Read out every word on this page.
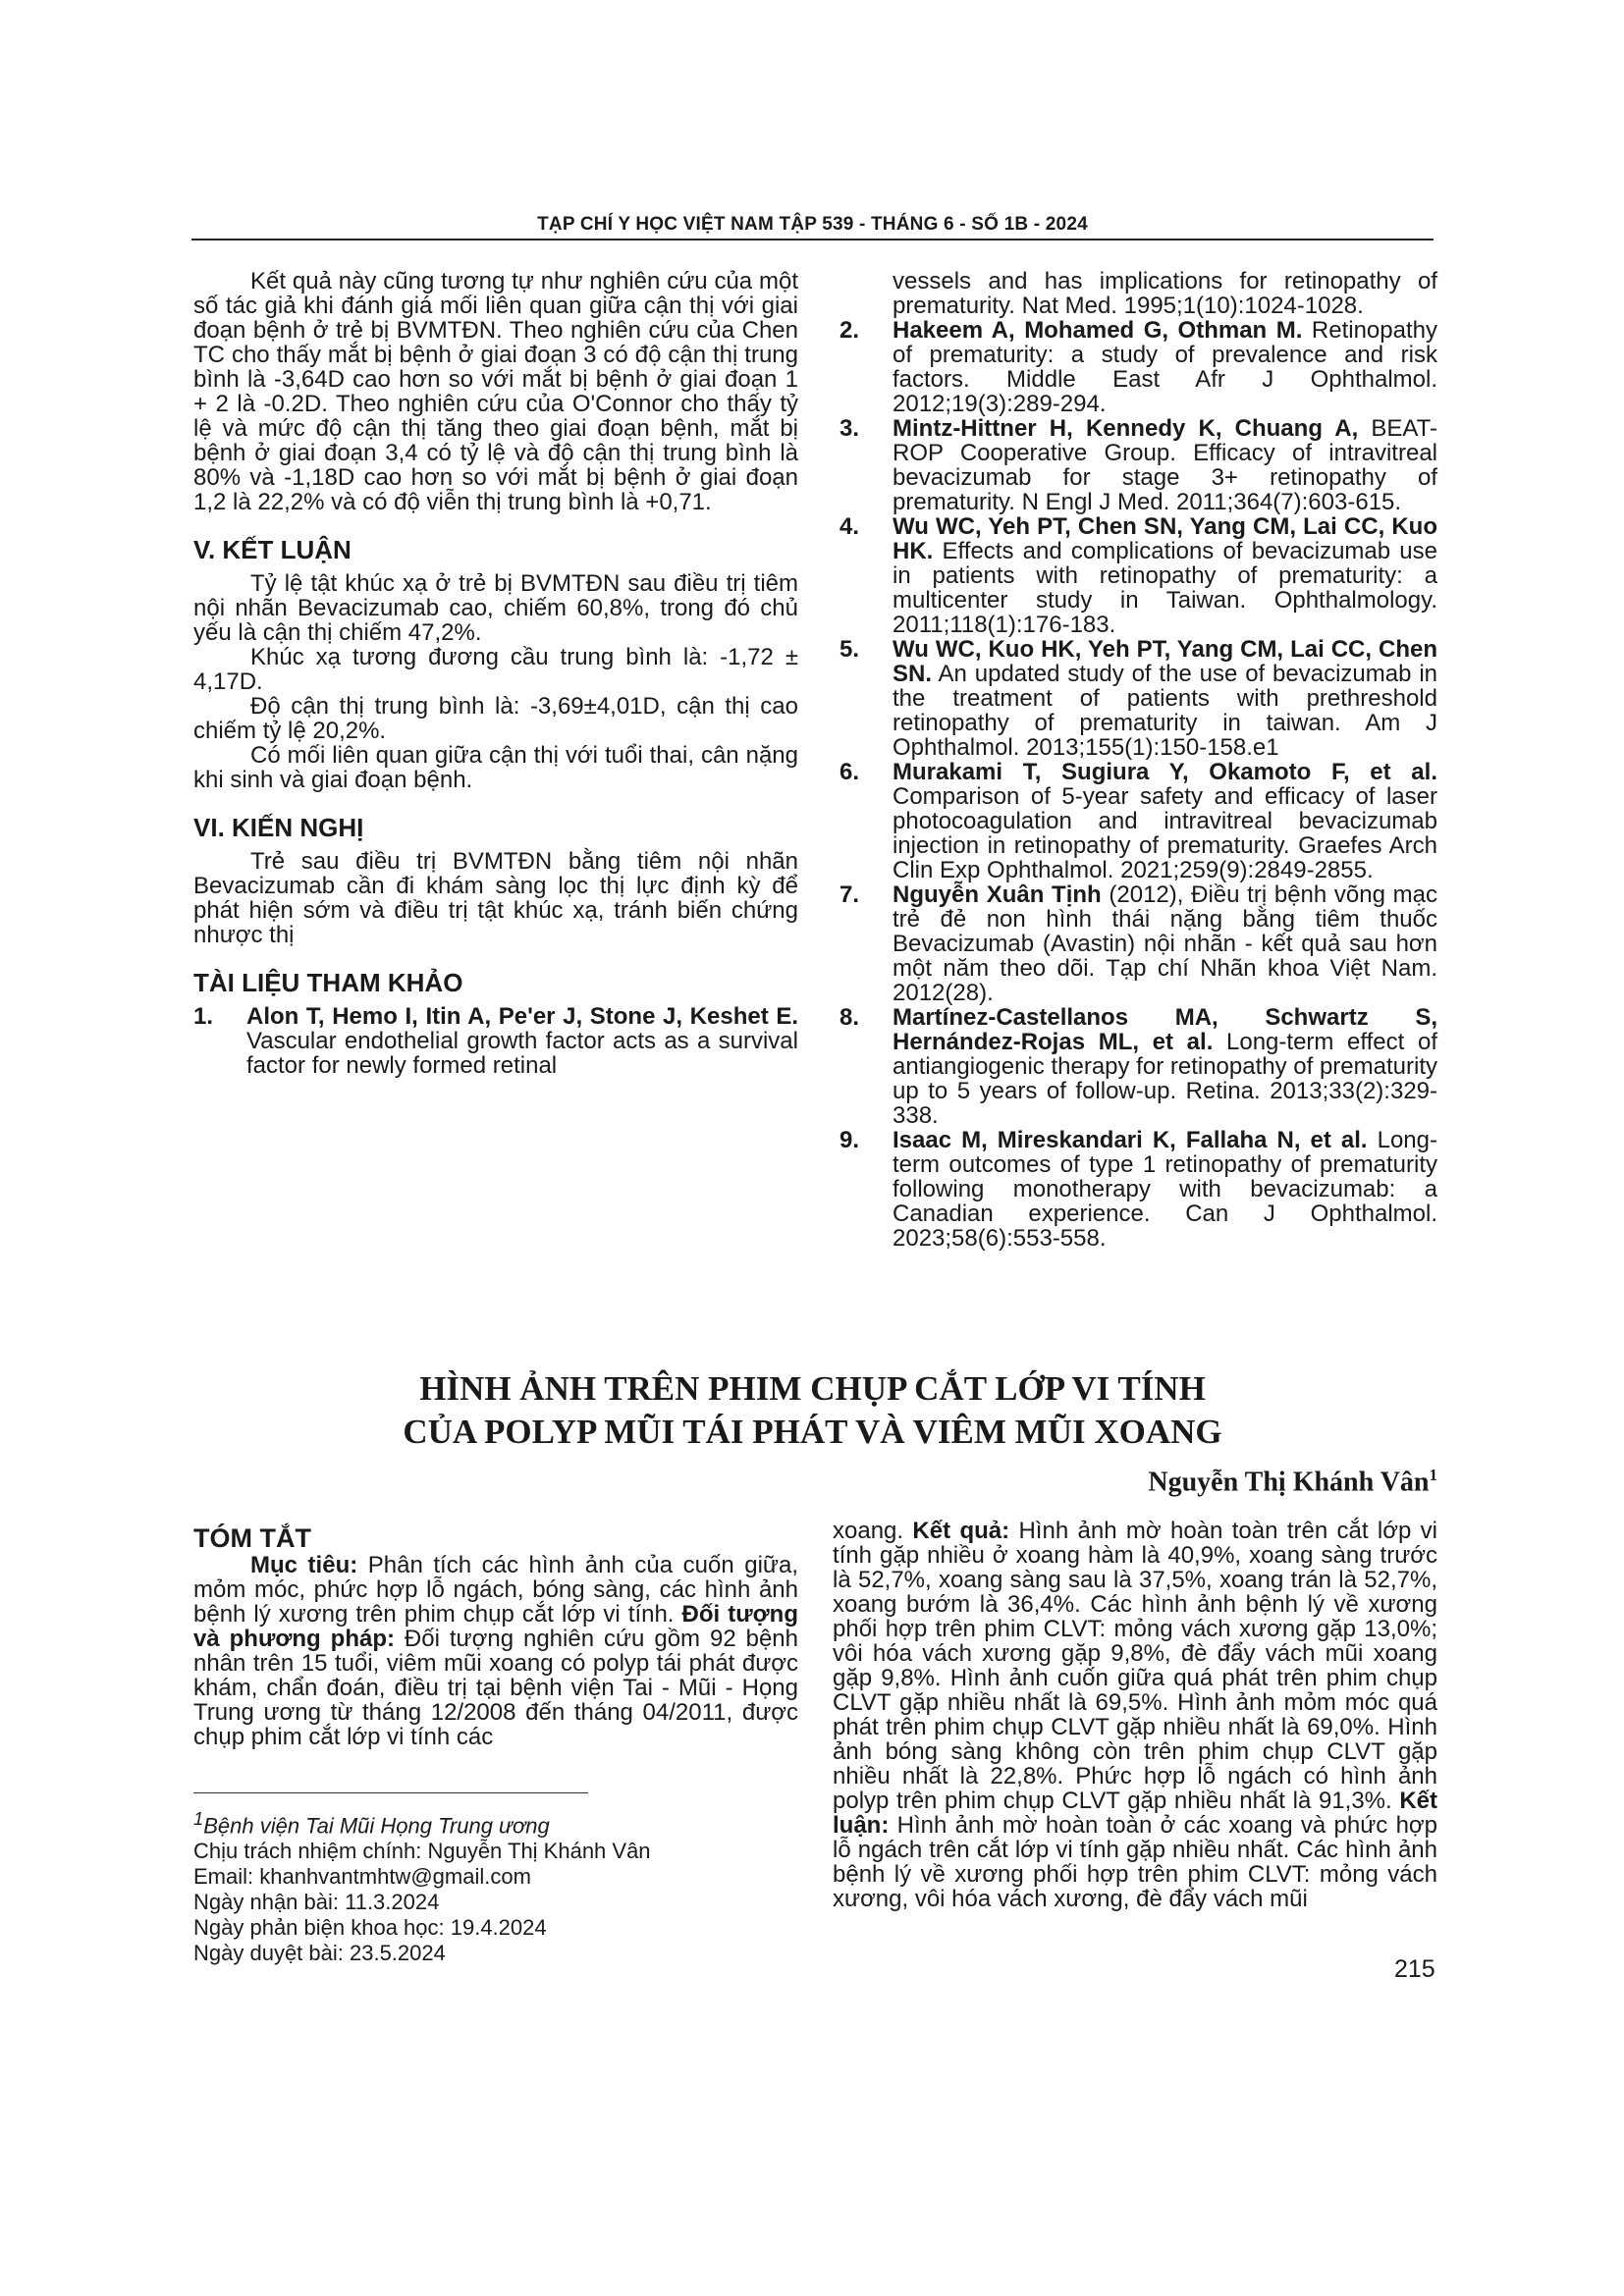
TẠP CHÍ Y HỌC VIỆT NAM TẬP 539 - THÁNG 6 - SỐ 1B - 2024

Kết quả này cũng tương tự như nghiên cứu của một số tác giả khi đánh giá mối liên quan giữa cận thị với giai đoạn bệnh ở trẻ bị BVMTĐN. Theo nghiên cứu của Chen TC cho thấy mắt bị bệnh ở giai đoạn 3 có độ cận thị trung bình là -3,64D cao hơn so với mắt bị bệnh ở giai đoạn 1 + 2 là -0.2D. Theo nghiên cứu của O'Connor cho thấy tỷ lệ và mức độ cận thị tăng theo giai đoạn bệnh, mắt bị bệnh ở giai đoạn 3,4 có tỷ lệ và độ cận thị trung bình là 80% và -1,18D cao hơn so với mắt bị bệnh ở giai đoạn 1,2 là 22,2% và có độ viễn thị trung bình là +0,71.

V. KẾT LUẬN

Tỷ lệ tật khúc xạ ở trẻ bị BVMTĐN sau điều trị tiêm nội nhãn Bevacizumab cao, chiếm 60,8%, trong đó chủ yếu là cận thị chiếm 47,2%.

Khúc xạ tương đương cầu trung bình là: -1,72 ± 4,17D.

Độ cận thị trung bình là: -3,69±4,01D, cận thị cao chiếm tỷ lệ 20,2%.

Có mối liên quan giữa cận thị với tuổi thai, cân nặng khi sinh và giai đoạn bệnh.

VI. KIẾN NGHỊ

Trẻ sau điều trị BVMTĐN bằng tiêm nội nhãn Bevacizumab cần đi khám sàng lọc thị lực định kỳ để phát hiện sớm và điều trị tật khúc xạ, tránh biến chứng nhược thị

TÀI LIỆU THAM KHẢO
1. Alon T, Hemo I, Itin A, Pe'er J, Stone J, Keshet E. Vascular endothelial growth factor acts as a survival factor for newly formed retinal
vessels and has implications for retinopathy of prematurity. Nat Med. 1995;1(10):1024-1028.
2. Hakeem A, Mohamed G, Othman M. Retinopathy of prematurity: a study of prevalence and risk factors. Middle East Afr J Ophthalmol. 2012;19(3):289-294.
3. Mintz-Hittner H, Kennedy K, Chuang A, BEAT-ROP Cooperative Group. Efficacy of intravitreal bevacizumab for stage 3+ retinopathy of prematurity. N Engl J Med. 2011;364(7):603-615.
4. Wu WC, Yeh PT, Chen SN, Yang CM, Lai CC, Kuo HK. Effects and complications of bevacizumab use in patients with retinopathy of prematurity: a multicenter study in Taiwan. Ophthalmology. 2011;118(1):176-183.
5. Wu WC, Kuo HK, Yeh PT, Yang CM, Lai CC, Chen SN. An updated study of the use of bevacizumab in the treatment of patients with prethreshold retinopathy of prematurity in taiwan. Am J Ophthalmol. 2013;155(1):150-158.e1
6. Murakami T, Sugiura Y, Okamoto F, et al. Comparison of 5-year safety and efficacy of laser photocoagulation and intravitreal bevacizumab injection in retinopathy of prematurity. Graefes Arch Clin Exp Ophthalmol. 2021;259(9):2849-2855.
7. Nguyễn Xuân Tịnh (2012), Điều trị bệnh võng mạc trẻ đẻ non hình thái nặng bằng tiêm thuốc Bevacizumab (Avastin) nội nhãn - kết quả sau hơn một năm theo dõi. Tạp chí Nhãn khoa Việt Nam. 2012(28).
8. Martínez-Castellanos MA, Schwartz S, Hernández-Rojas ML, et al. Long-term effect of antiangiogenic therapy for retinopathy of prematurity up to 5 years of follow-up. Retina. 2013;33(2):329-338.
9. Isaac M, Mireskandari K, Fallaha N, et al. Long-term outcomes of type 1 retinopathy of prematurity following monotherapy with bevacizumab: a Canadian experience. Can J Ophthalmol. 2023;58(6):553-558.
HÌNH ẢNH TRÊN PHIM CHỤP CẮT LỚP VI TÍNH
CỦA POLYP MŨI TÁI PHÁT VÀ VIÊM MŨI XOANG
Nguyễn Thị Khánh Vân$^1$
TÓM TẮT

Mục tiêu: Phân tích các hình ảnh của cuốn giữa, mỏm móc, phức hợp lỗ ngách, bóng sàng, các hình ảnh bệnh lý xương trên phim chụp cắt lớp vi tính. Đối tượng và phương pháp: Đối tượng nghiên cứu gồm 92 bệnh nhân trên 15 tuổi, viêm mũi xoang có polyp tái phát được khám, chẩn đoán, điều trị tại bệnh viện Tai - Mũi - Họng Trung ương từ tháng 12/2008 đến tháng 04/2011, được chụp phim cắt lớp vi tính các

xoang. Kết quả: Hình ảnh mờ hoàn toàn trên cắt lớp vi tính gặp nhiều ở xoang hàm là 40,9%, xoang sàng trước là 52,7%, xoang sàng sau là 37,5%, xoang trán là 52,7%, xoang bướm là 36,4%. Các hình ảnh bệnh lý về xương phối hợp trên phim CLVT: mỏng vách xương gặp 13,0%; vôi hóa vách xương gặp 9,8%, đè đẩy vách mũi xoang gặp 9,8%. Hình ảnh cuốn giữa quá phát trên phim chụp CLVT gặp nhiều nhất là 69,5%. Hình ảnh mỏm móc quá phát trên phim chụp CLVT gặp nhiều nhất là 69,0%. Hình ảnh bóng sàng không còn trên phim chụp CLVT gặp nhiều nhất là 22,8%. Phức hợp lỗ ngách có hình ảnh polyp trên phim chụp CLVT gặp nhiều nhất là 91,3%. Kết luận: Hình ảnh mờ hoàn toàn ở các xoang và phức hợp lỗ ngách trên cắt lớp vi tính gặp nhiều nhất. Các hình ảnh bệnh lý về xương phối hợp trên phim CLVT: mỏng vách xương, vôi hóa vách xương, đè đẩy vách mũi

$^1$Bệnh viện Tai Mũi Họng Trung ương
Chịu trách nhiệm chính: Nguyễn Thị Khánh Vân
Email: khanhvantmhtw@gmail.com
Ngày nhận bài: 11.3.2024
Ngày phản biện khoa học: 19.4.2024
Ngày duyệt bài: 23.5.2024
215
